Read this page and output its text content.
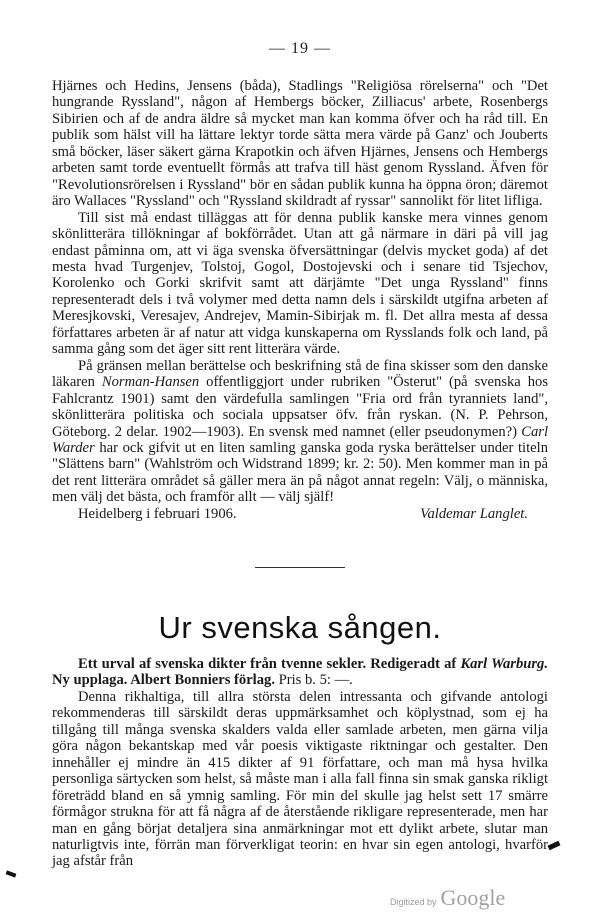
— 19 —

Hjärnes och Hedins, Jensens (båda), Stadlings "Religiösa rörelserna" och "Det hungrande Ryssland", någon af Hembergs böcker, Zilliacus' arbete, Rosenbergs Sibirien och af de andra äldre så mycket man kan komma öfver och ha råd till. En publik som hälst vill ha lättare lektyr torde sätta mera värde på Ganz' och Jouberts små böcker, läser säkert gärna Krapotkin och äfven Hjärnes, Jensens och Hembergs arbeten samt torde eventuellt förmås att trafva till häst genom Ryssland. Äfven för "Revolutionsrörelsen i Ryssland" bör en sådan publik kunna ha öppna öron; däremot äro Wallaces "Ryssland" och "Ryssland skildradt af ryssar" sannolikt för litet lifliga.

Till sist må endast tilläggas att för denna publik kanske mera vinnes genom skönlitterära tillökningar af bokförrådet. Utan att gå närmare in däri på vill jag endast påminna om, att vi äga svenska öfversättningar (delvis mycket goda) af det mesta hvad Turgenjev, Tolstoj, Gogol, Dostojevski och i senare tid Tsjechov, Korolenko och Gorki skrifvit samt att därjämte "Det unga Ryssland" finns representeradt dels i två volymer med detta namn dels i särskildt utgifna arbeten af Meresjkovski, Veresajev, Andrejev, Mamin-Sibirjak m. fl. Det allra mesta af dessa författares arbeten är af natur att vidga kunskaperna om Rysslands folk och land, på samma gång som det äger sitt rent litterära värde.

På gränsen mellan berättelse och beskrifning stå de fina skisser som den danske läkaren Norman-Hansen offentliggjort under rubriken "Österut" (på svenska hos Fahlcrantz 1901) samt den värdefulla samlingen "Fria ord från tyranniets land", skönlitterära politiska och sociala uppsatser öfv. från ryskan. (N. P. Pehrson, Göteborg. 2 delar. 1902—1903). En svensk med namnet (eller pseudonymen?) Carl Warder har ock gifvit ut en liten samling ganska goda ryska berättelser under titeln "Slättens barn" (Wahlström och Widstrand 1899; kr. 2: 50). Men kommer man in på det rent litterära området så gäller mera än på något annat regeln: Välj, o människa, men välj det bästa, och framför allt — välj själf!

Heidelberg i februari 1906.	Valdemar Langlet.
Ur svenska sången.

Ett urval af svenska dikter från tvenne sekler. Redigeradt af Karl Warburg. Ny upplaga. Albert Bonniers förlag. Pris b. 5: —.

Denna rikhaltiga, till allra största delen intressanta och gifvande antologi rekommenderas till särskildt deras uppmärksamhet och köplystnad, som ej ha tillgång till många svenska skalders valda eller samlade arbeten, men gärna vilja göra någon bekantskap med vår poesis viktigaste riktningar och gestalter. Den innehåller ej mindre än 415 dikter af 91 författare, och man må hysa hvilka personliga särtycken som helst, så måste man i alla fall finna sin smak ganska rikligt företrädd bland en så ymnig samling. För min del skulle jag helst sett 17 smärre förmågor strukna för att få några af de återstående rikligare representerade, men har man en gång börjat detaljera sina anmärkningar mot ett dylikt arbete, slutar man naturligtvis inte, förrän man förverkligat teorin: en hvar sin egen antologi, hvarför jag afstår från

Digitized by Google
